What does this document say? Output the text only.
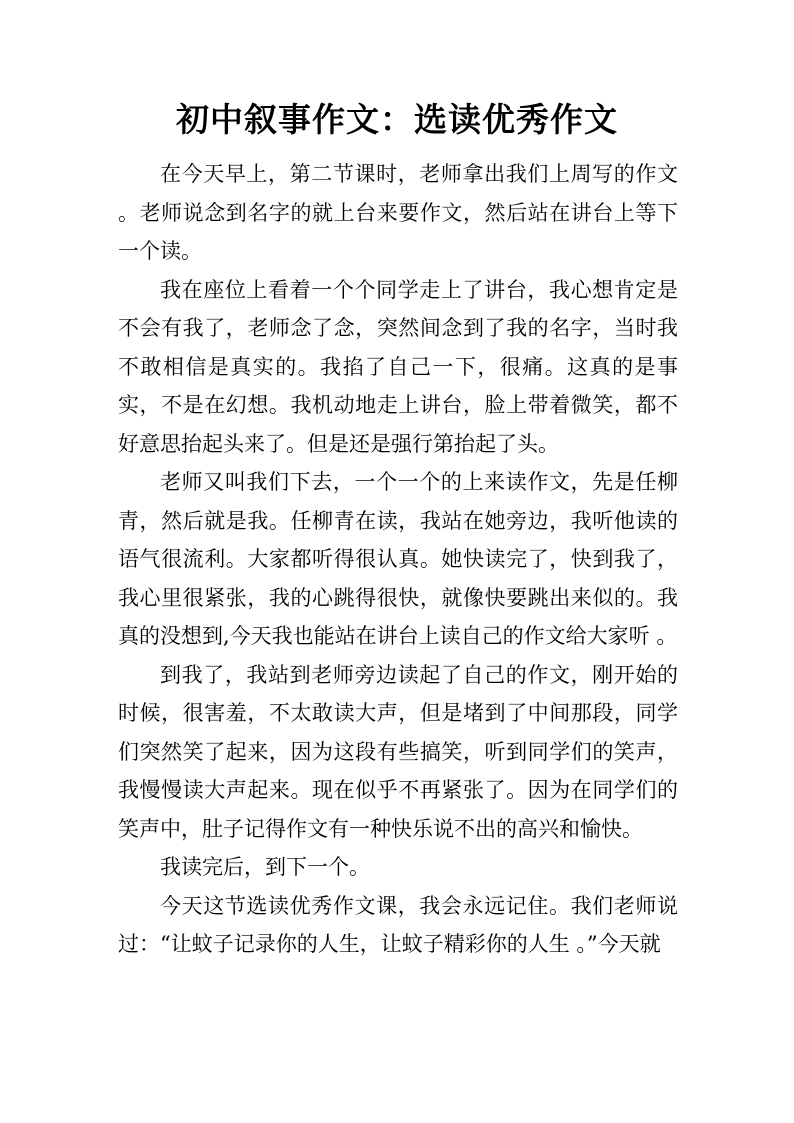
初中叙事作文：选读优秀作文

在今天早上，第二节课时，老师拿出我们上周写的作文 。老师说念到名字的就上台来要作文，然后站在讲台上等下一个读。

我在座位上看着一个个同学走上了讲台，我心想肯定是不会有我了，老师念了念，突然间念到了我的名字，当时我不敢相信是真实的。我掐了自己一下，很痛。这真的是事实，不是在幻想。我机动地走上讲台，脸上带着微笑，都不好意思抬起头来了。但是还是强行第抬起了头。

老师又叫我们下去，一个一个的上来读作文，先是任柳青，然后就是我。任柳青在读，我站在她旁边，我听他读的语气很流利。大家都听得很认真。她快读完了，快到我了，我心里很紧张，我的心跳得很快，就像快要跳出来似的。我真的没想到,今天我也能站在讲台上读自己的作文给大家听 。

到我了，我站到老师旁边读起了自己的作文，刚开始的时候，很害羞，不太敢读大声，但是堵到了中间那段，同学们突然笑了起来，因为这段有些搞笑，听到同学们的笑声，我慢慢读大声起来。现在似乎不再紧张了。因为在同学们的笑声中，肚子记得作文有一种快乐说不出的高兴和愉快。

我读完后，到下一个。

今天这节选读优秀作文课，我会永远记住。我们老师说过：“让蚊子记录你的人生，让蚊子精彩你的人生 。”今天就
